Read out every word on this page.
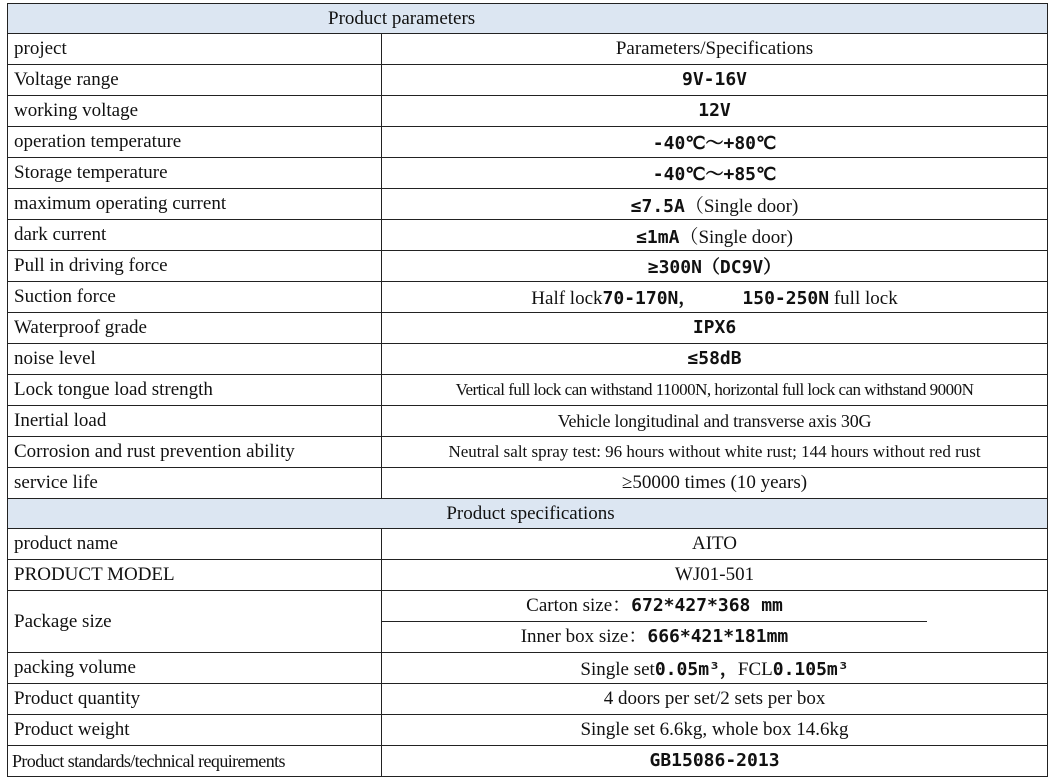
Product parameters	
project	Parameters/Specifications
Voltage range	9V-16V
working voltage	12V
operation temperature	-40℃～+80℃
Storage temperature	-40℃～+85℃
maximum operating current	≤7.5A（Single door)
dark current	≤1mA（Single door)
Pull in driving force	≥300N（DC9V）
Suction force	Half lock70-170N， 150-250N full lock
Waterproof grade	IPX6
noise level	≤58dB
Lock tongue load strength	Vertical full lock can withstand 11000N, horizontal full lock can withstand 9000N
Inertial load	Vehicle longitudinal and transverse axis 30G
Corrosion and rust prevention ability	Neutral salt spray test: 96 hours without white rust; 144 hours without red rust
service life	≥50000 times (10 years)
Product specifications	
product name	AITO
PRODUCT MODEL	WJ01-501
Package size	Carton size：672*427*368 mm
Inner box size：666*421*181mm

packing volume	Single set0.05m³，FCL0.105m³
Product quantity	4 doors per set/2 sets per box
Product weight	Single set 6.6kg, whole box 14.6kg
Product standards/technical requirements	GB15086-2013
